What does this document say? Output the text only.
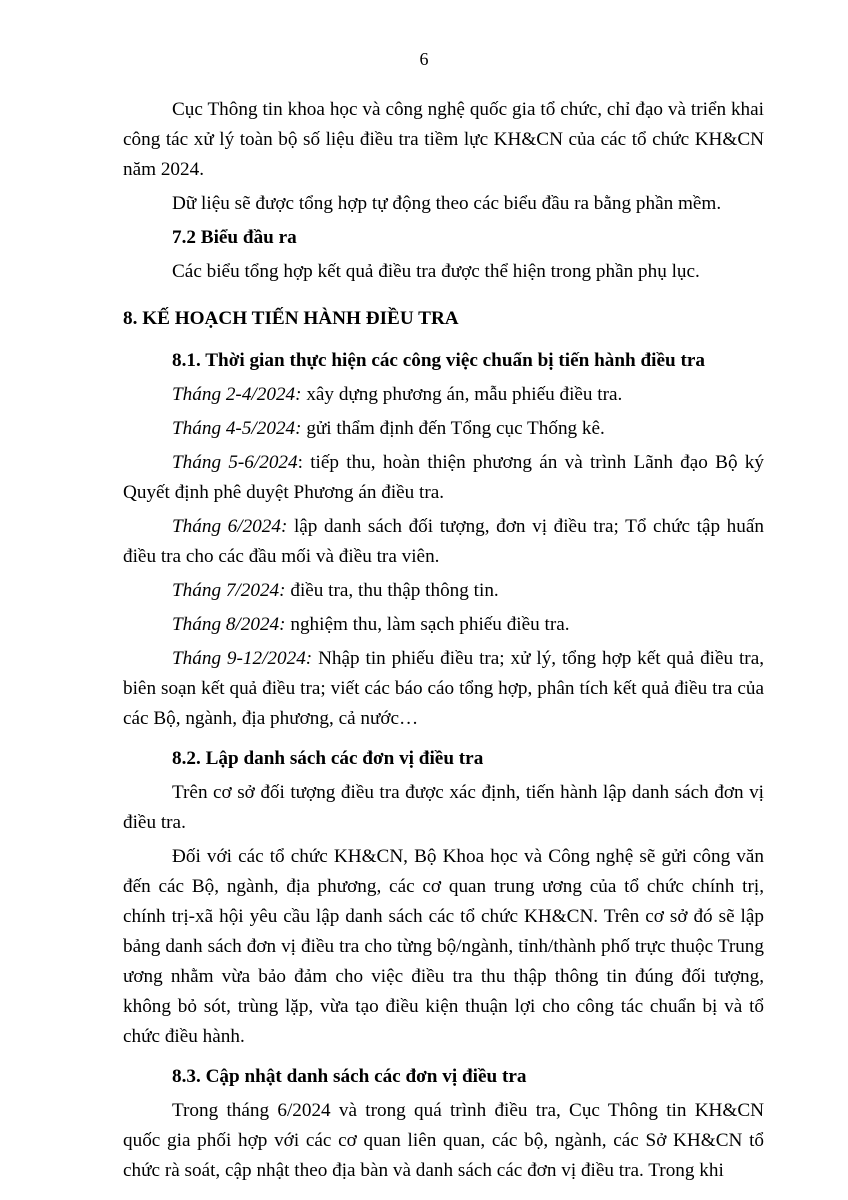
6

Cục Thông tin khoa học và công nghệ quốc gia tổ chức, chỉ đạo và triển khai công tác xử lý toàn bộ số liệu điều tra tiềm lực KH&CN của các tổ chức KH&CN năm 2024.

Dữ liệu sẽ được tổng hợp tự động theo các biểu đầu ra bằng phần mềm.

7.2 Biểu đầu ra

Các biểu tổng hợp kết quả điều tra được thể hiện trong phần phụ lục.

8. KẾ HOẠCH TIẾN HÀNH ĐIỀU TRA
8.1. Thời gian thực hiện các công việc chuẩn bị tiến hành điều tra

Tháng 2-4/2024: xây dựng phương án, mẫu phiếu điều tra.

Tháng 4-5/2024: gửi thẩm định đến Tổng cục Thống kê.

Tháng 5-6/2024: tiếp thu, hoàn thiện phương án và trình Lãnh đạo Bộ ký Quyết định phê duyệt Phương án điều tra.

Tháng 6/2024: lập danh sách đối tượng, đơn vị điều tra; Tổ chức tập huấn điều tra cho các đầu mối và điều tra viên.

Tháng 7/2024: điều tra, thu thập thông tin.

Tháng 8/2024: nghiệm thu, làm sạch phiếu điều tra.

Tháng 9-12/2024: Nhập tin phiếu điều tra; xử lý, tổng hợp kết quả điều tra, biên soạn kết quả điều tra; viết các báo cáo tổng hợp, phân tích kết quả điều tra của các Bộ, ngành, địa phương, cả nước…

8.2. Lập danh sách các đơn vị điều tra

Trên cơ sở đối tượng điều tra được xác định, tiến hành lập danh sách đơn vị điều tra.

Đối với các tổ chức KH&CN, Bộ Khoa học và Công nghệ sẽ gửi công văn đến các Bộ, ngành, địa phương, các cơ quan trung ương của tổ chức chính trị, chính trị-xã hội yêu cầu lập danh sách các tổ chức KH&CN. Trên cơ sở đó sẽ lập bảng danh sách đơn vị điều tra cho từng bộ/ngành, tỉnh/thành phố trực thuộc Trung ương nhằm vừa bảo đảm cho việc điều tra thu thập thông tin đúng đối tượng, không bỏ sót, trùng lặp, vừa tạo điều kiện thuận lợi cho công tác chuẩn bị và tổ chức điều hành.

8.3. Cập nhật danh sách các đơn vị điều tra

Trong tháng 6/2024 và trong quá trình điều tra, Cục Thông tin KH&CN quốc gia phối hợp với các cơ quan liên quan, các bộ, ngành, các Sở KH&CN tổ chức rà soát, cập nhật theo địa bàn và danh sách các đơn vị điều tra. Trong khi
